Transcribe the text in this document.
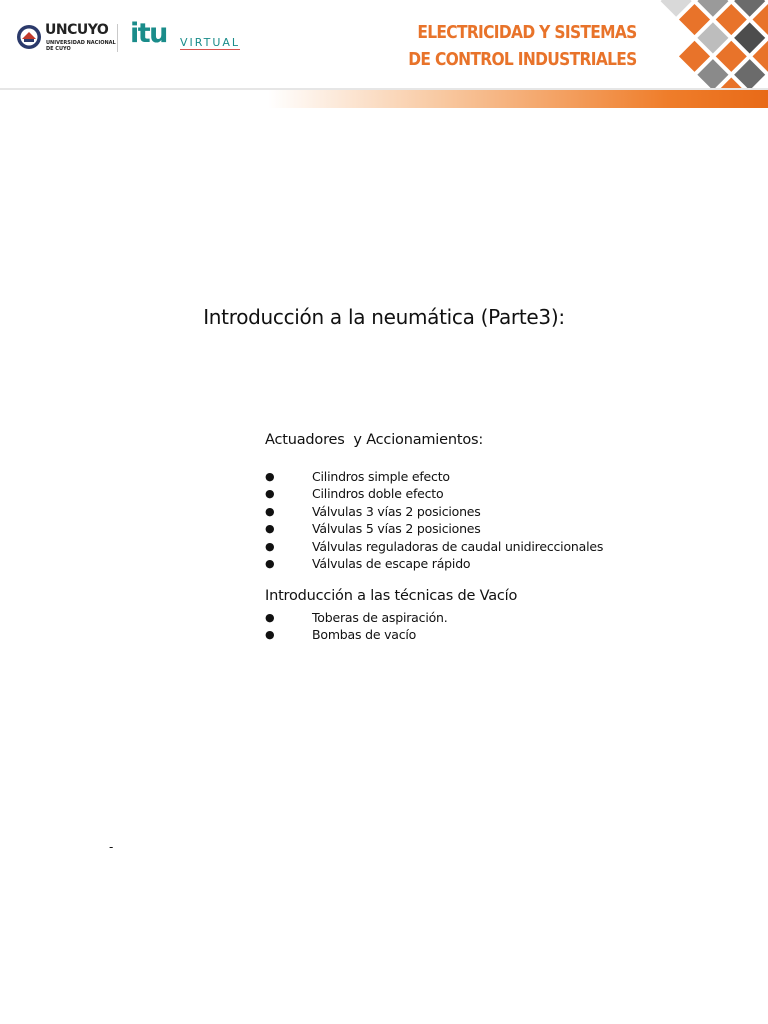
UNCUYO
UNIVERSIDAD NACIONAL DE CUYO	itu VIRTUAL	ELECTRICIDAD Y SISTEMAS
DE CONTROL INDUSTRIALES
Introducción a la neumática (Parte3):
Actuadores  y Accionamientos:
●	Cilindros simple efecto
●	Cilindros doble efecto
●	Válvulas 3 vías 2 posiciones
●	Válvulas 5 vías 2 posiciones
●	Válvulas reguladoras de caudal unidireccionales
●	Válvulas de escape rápido
Introducción a las técnicas de Vacío
●	Toberas de aspiración.
●	Bombas de vacío
-
